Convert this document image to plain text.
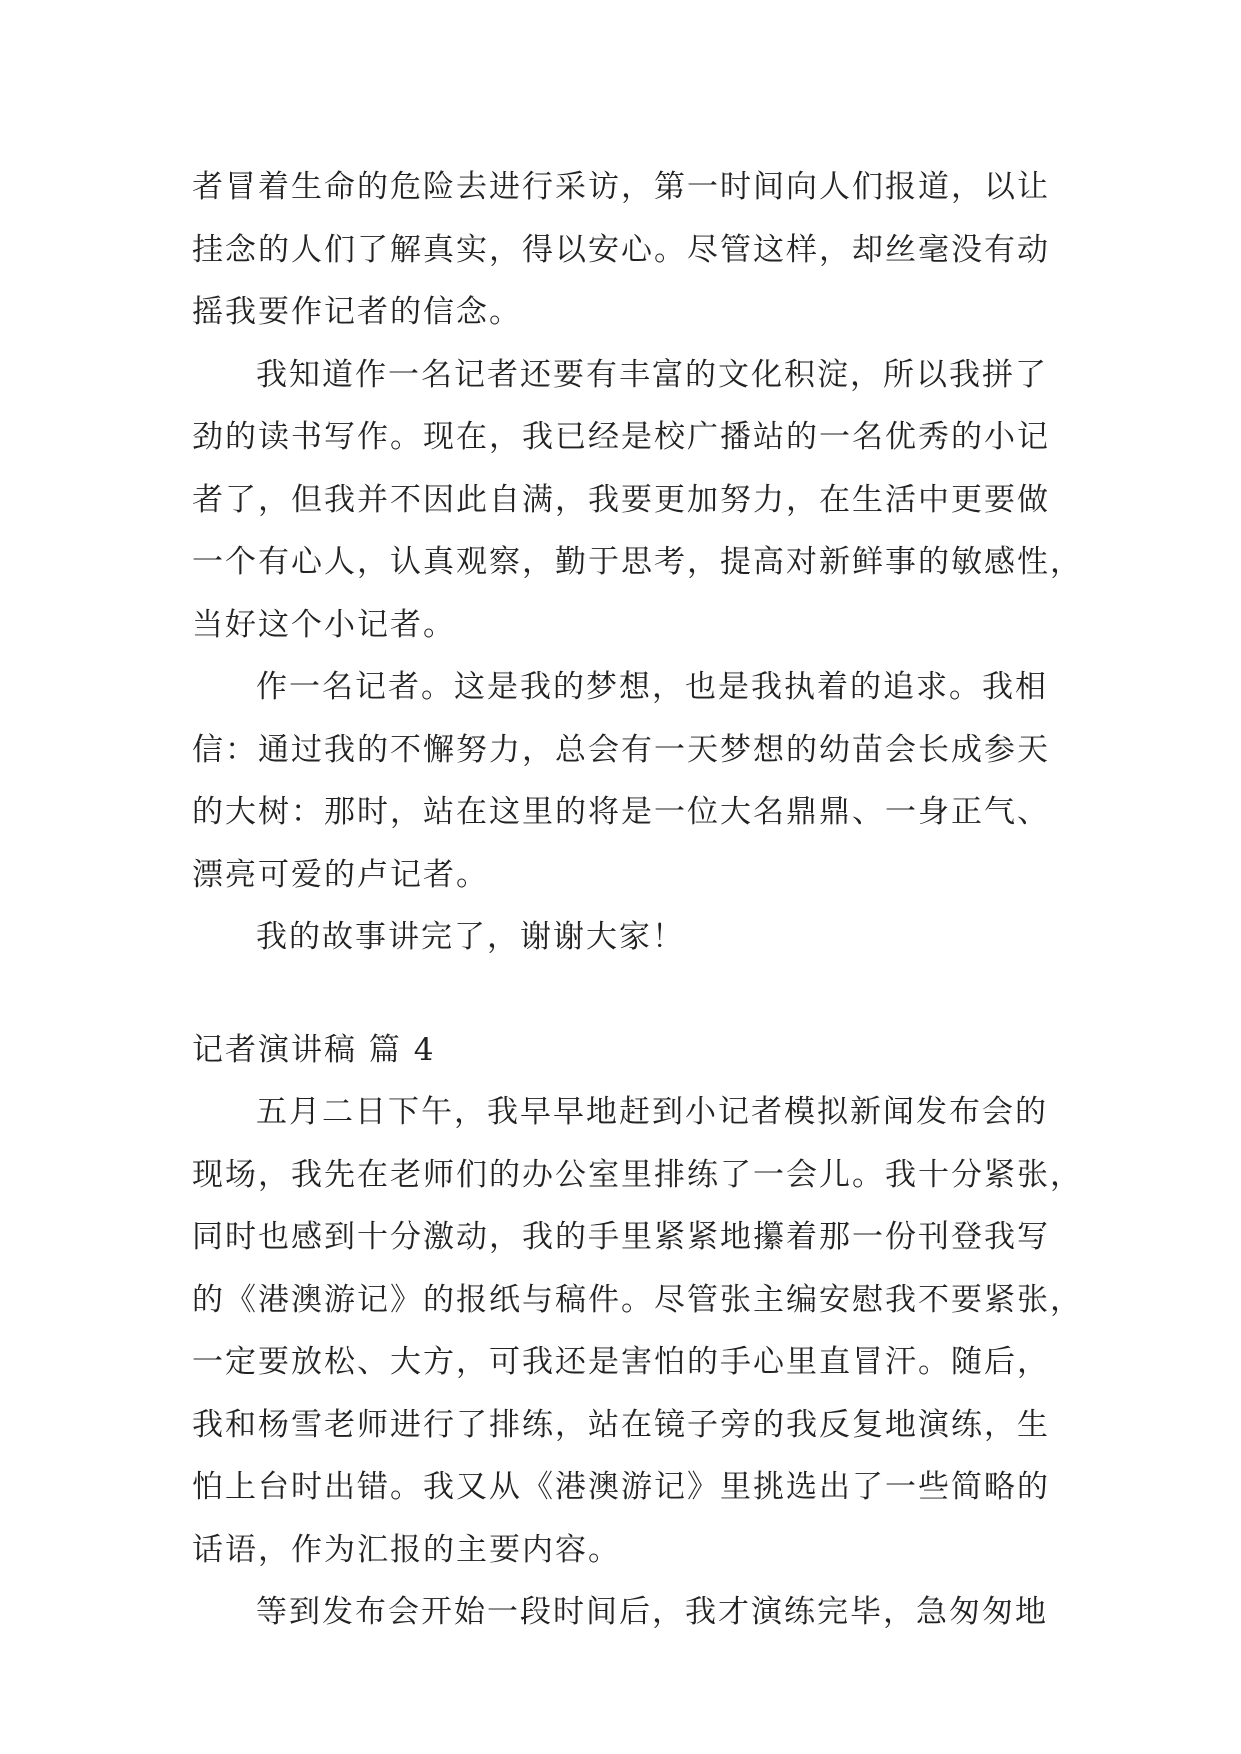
者冒着生命的危险去进行采访，第一时间向人们报道，以让
挂念的人们了解真实，得以安心。尽管这样，却丝毫没有动
摇我要作记者的信念。
我知道作一名记者还要有丰富的文化积淀，所以我拼了
劲的读书写作。现在，我已经是校广播站的一名优秀的小记
者了，但我并不因此自满，我要更加努力，在生活中更要做
一个有心人，认真观察，勤于思考，提高对新鲜事的敏感性，
当好这个小记者。
作一名记者。这是我的梦想，也是我执着的追求。我相
信：通过我的不懈努力，总会有一天梦想的幼苗会长成参天
的大树：那时，站在这里的将是一位大名鼎鼎、一身正气、
漂亮可爱的卢记者。
我的故事讲完了，谢谢大家！
记者演讲稿 篇 4
五月二日下午，我早早地赶到小记者模拟新闻发布会的
现场，我先在老师们的办公室里排练了一会儿。我十分紧张，
同时也感到十分激动，我的手里紧紧地攥着那一份刊登我写
的《港澳游记》的报纸与稿件。尽管张主编安慰我不要紧张，
一定要放松、大方，可我还是害怕的手心里直冒汗。随后，
我和杨雪老师进行了排练，站在镜子旁的我反复地演练，生
怕上台时出错。我又从《港澳游记》里挑选出了一些简略的
话语，作为汇报的主要内容。
等到发布会开始一段时间后，我才演练完毕，急匆匆地
